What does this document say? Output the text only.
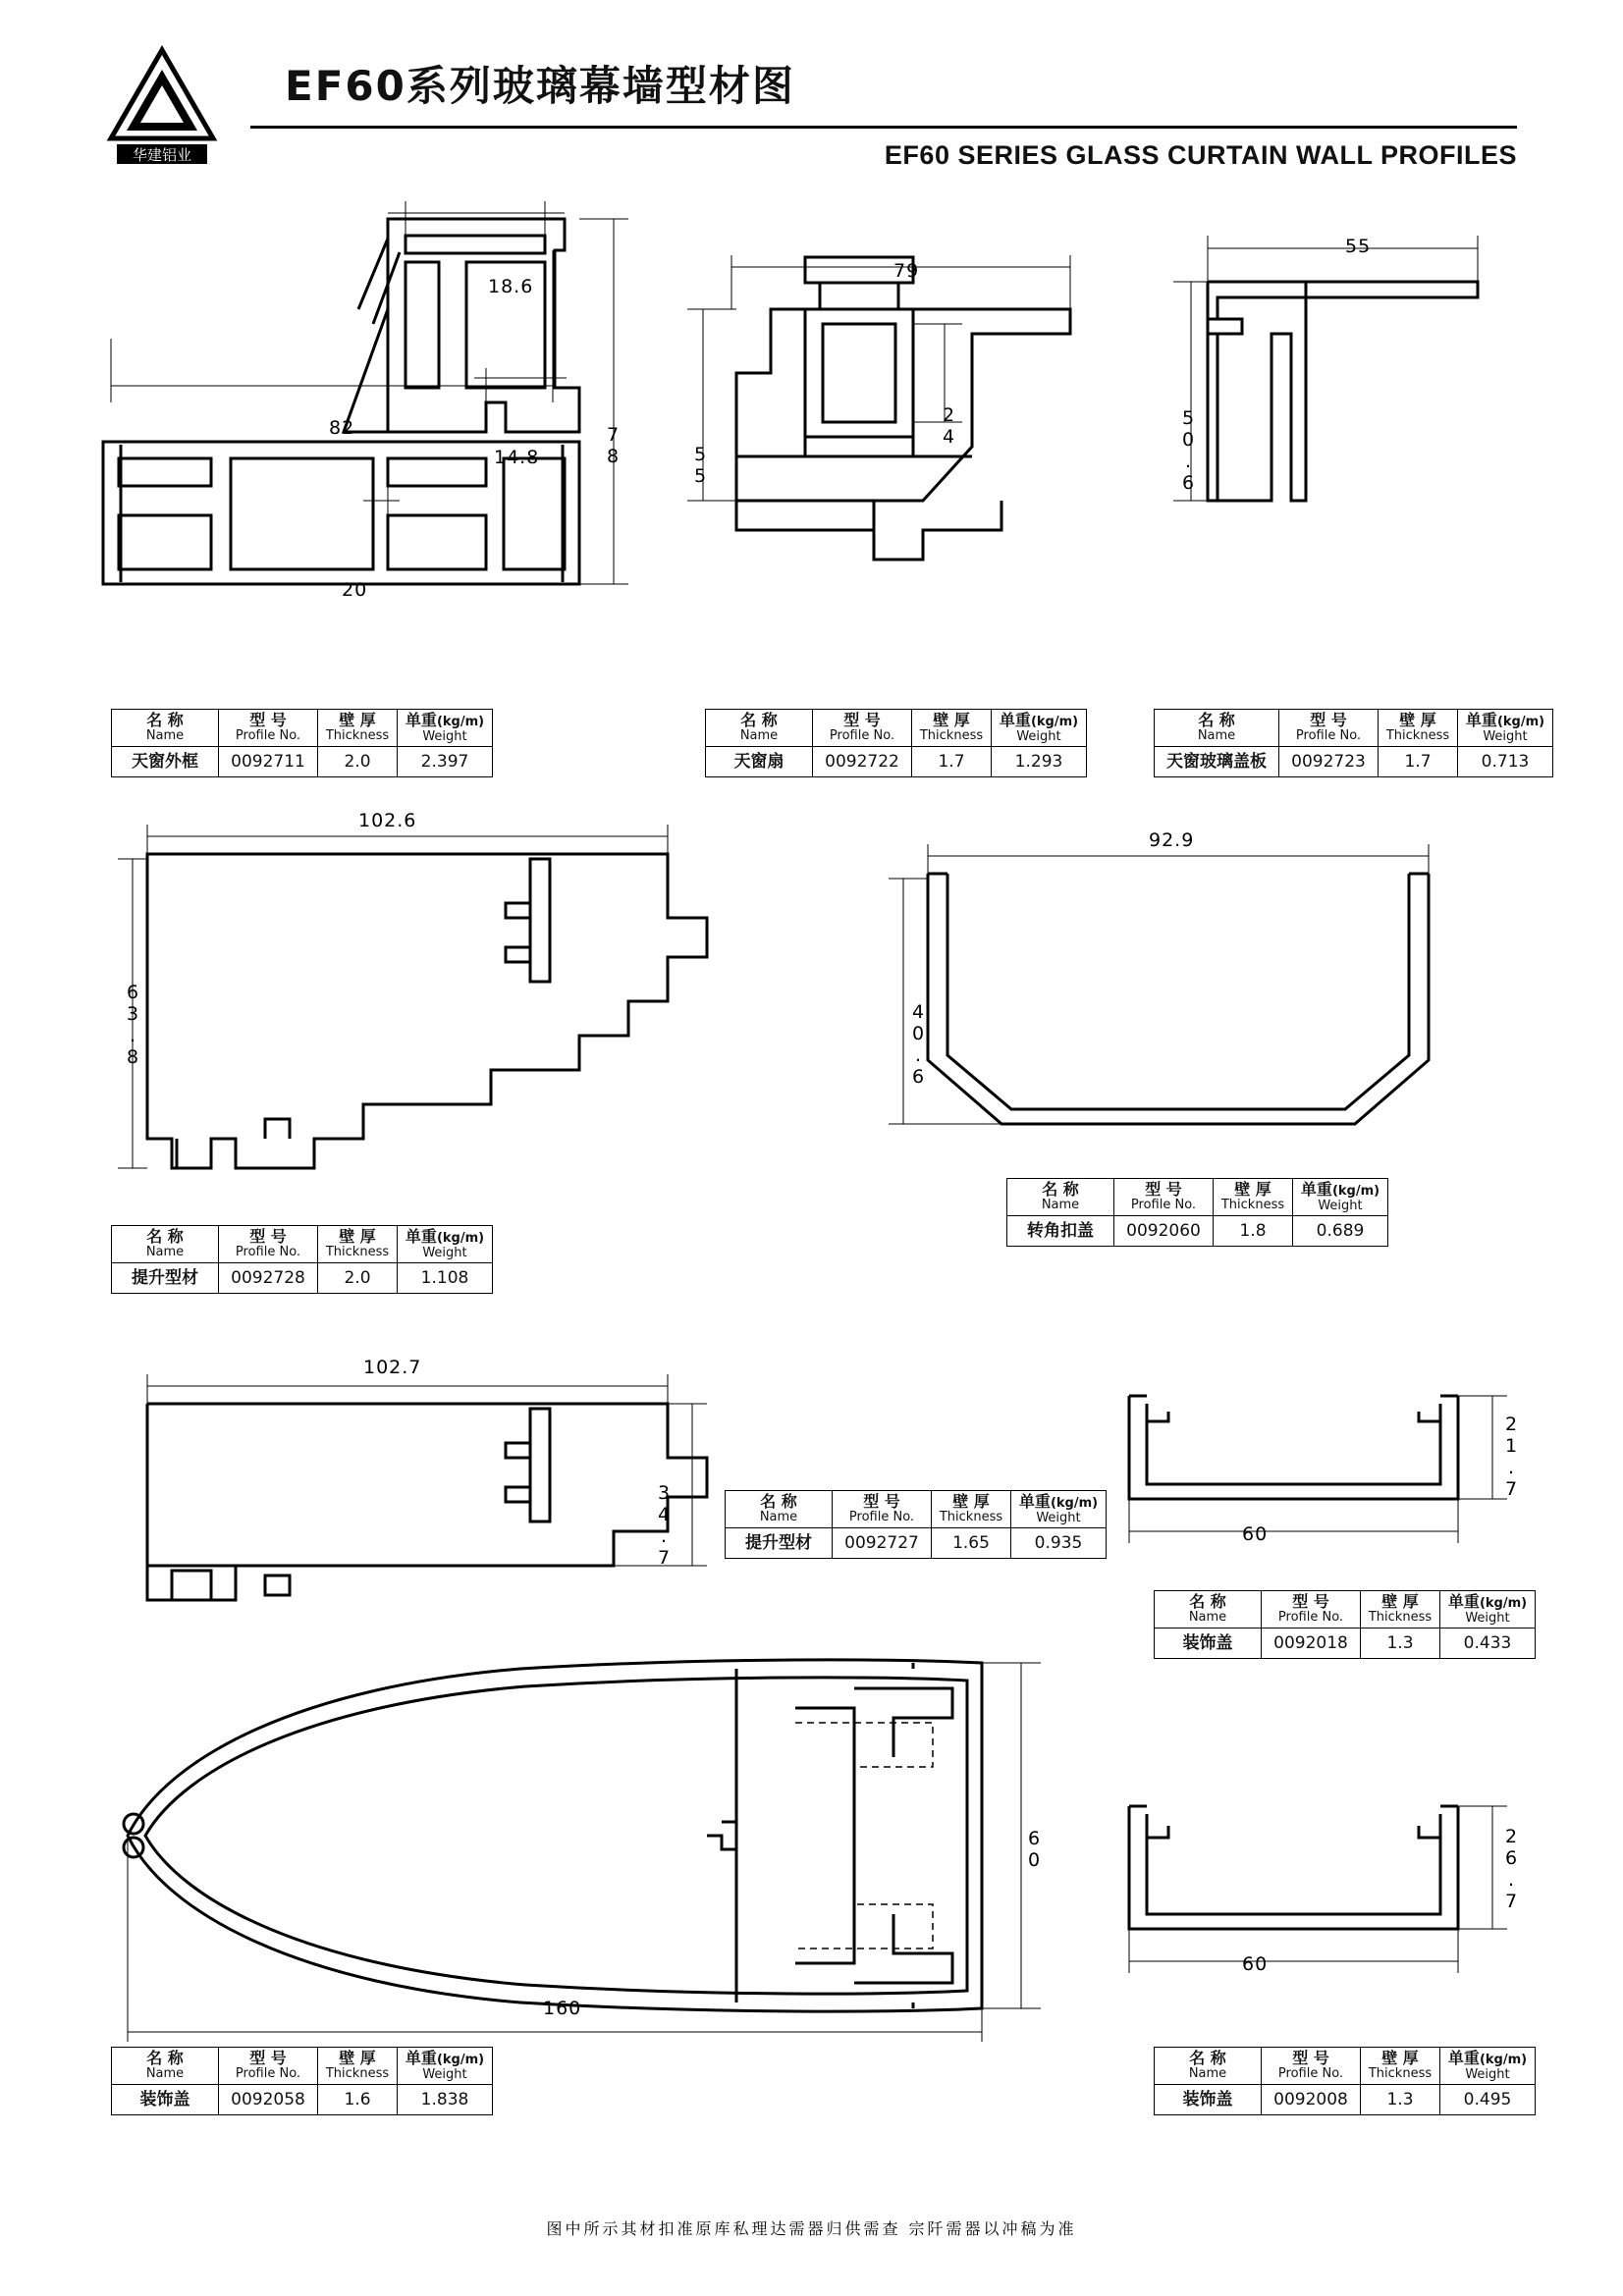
华建铝业
EF60系列玻璃幕墙型材图
EF60 SERIES GLASS CURTAIN WALL PROFILES
18.6
82
14.8	78
20
79
55
24
55
50.6
名 称
Name	型 号
Profile No.	壁 厚
Thickness	单重(kg/m)
Weight

天窗外框	0092711	2.0	2.397
名 称
Name	型 号
Profile No.	壁 厚
Thickness	单重(kg/m)
Weight

天窗扇	0092722	1.7	1.293
名 称
Name	型 号
Profile No.	壁 厚
Thickness	单重(kg/m)
Weight

天窗玻璃盖板	0092723	1.7	0.713
102.6
63.8
92.9
40.6
名 称
Name	型 号
Profile No.	壁 厚
Thickness	单重(kg/m)
Weight

转角扣盖	0092060	1.8	0.689
名 称
Name	型 号
Profile No.	壁 厚
Thickness	单重(kg/m)
Weight

提升型材	0092728	2.0	1.108
102.7
34.7	名 称
Name	型 号
Profile No.	壁 厚
Thickness	单重(kg/m)
Weight

提升型材	0092727	1.65	0.935
21.7
60
名 称
Name	型 号
Profile No.	壁 厚
Thickness	单重(kg/m)
Weight

装饰盖	0092018	1.3	0.433
60
160
26.7
60
名 称
Name	型 号
Profile No.	壁 厚
Thickness	单重(kg/m)
Weight

装饰盖	0092058	1.6	1.838
名 称
Name	型 号
Profile No.	壁 厚
Thickness	单重(kg/m)
Weight

装饰盖	0092008	1.3	0.495
图中所示其材扣准原库私理达需器归供需查 宗阡需器以冲稿为准
